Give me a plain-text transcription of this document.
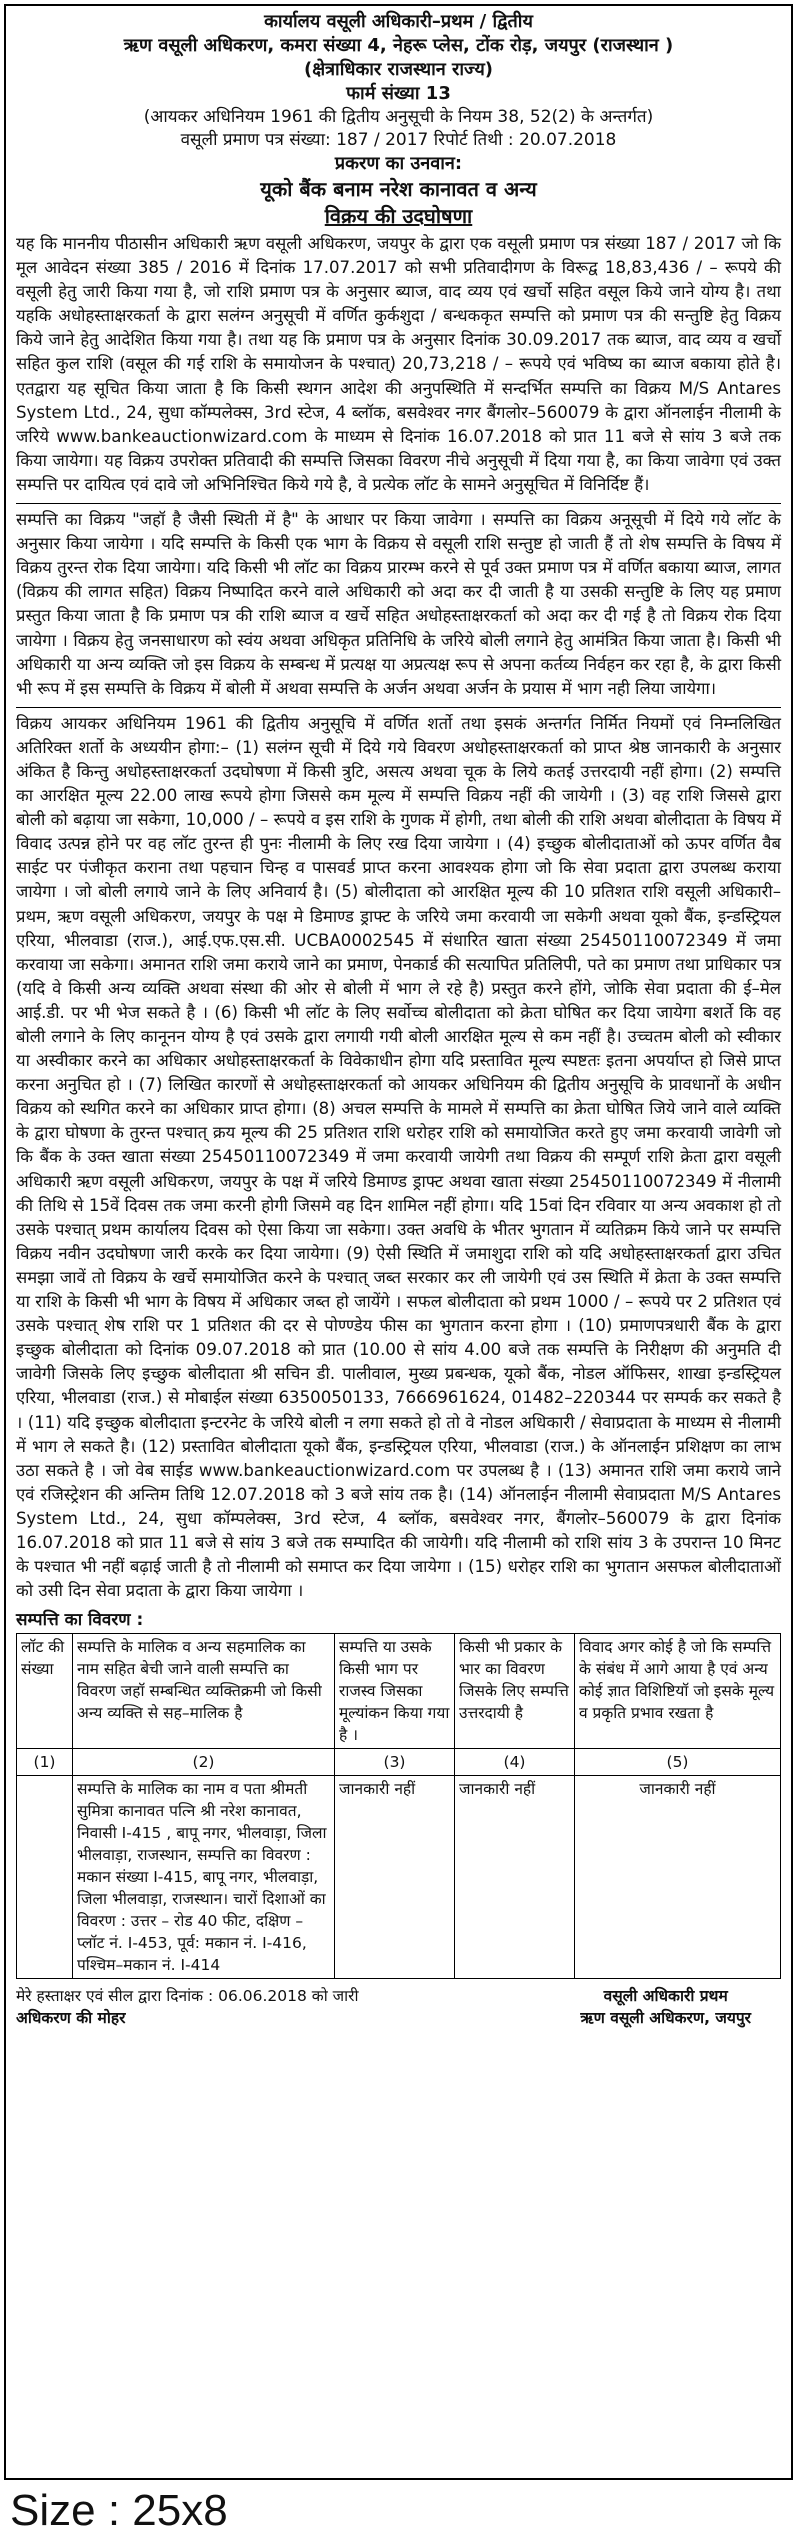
कार्यालय वसूली अधिकारी–प्रथम / द्वितीय
ऋण वसूली अधिकरण, कमरा संख्या 4, नेहरू प्लेस, टोंक रोड़, जयपुर (राजस्थान )
(क्षेत्राधिकार राजस्थान राज्य)
फार्म संख्या 13
(आयकर अधिनियम 1961 की द्वितीय अनुसूची के नियम 38, 52(2) के अन्तर्गत)
वसूली प्रमाण पत्र संख्या: 187 / 2017 रिपोर्ट तिथी : 20.07.2018
प्रकरण का उनवान:
यूको बैंक बनाम नरेश कानावत व अन्य
विक्रय की उदघोषणा

यह कि माननीय पीठासीन अधिकारी ऋण वसूली अधिकरण, जयपुर के द्वारा एक वसूली प्रमाण पत्र संख्या 187 / 2017 जो कि मूल आवेदन संख्या 385 / 2016 में दिनांक 17.07.2017 को सभी प्रतिवादीगण के विरूद्व 18,83,436 / – रूपये की वसूली हेतु जारी किया गया है, जो राशि प्रमाण पत्र के अनुसार ब्याज, वाद व्यय एवं खर्चो सहित वसूल किये जाने योग्य है। तथा यहकि अधोहस्ताक्षरकर्ता के द्वारा सलंग्न अनुसूची में वर्णित कुर्कशुदा / बन्धककृत सम्पत्ति को प्रमाण पत्र की सन्तुष्टि हेतु विक्रय किये जाने हेतु आदेशित किया गया है। तथा यह कि प्रमाण पत्र के अनुसार दिनांक 30.09.2017 तक ब्याज, वाद व्यय व खर्चो सहित कुल राशि (वसूल की गई राशि के समायोजन के पश्चात्) 20,73,218 / – रूपये एवं भविष्य का ब्याज बकाया होते है। एतद्वारा यह सूचित किया जाता है कि किसी स्थगन आदेश की अनुपस्थिति में सन्दर्भित सम्पत्ति का विक्रय M/S Antares System Ltd., 24, सुधा कॉम्पलेक्स, 3rd स्टेज, 4 ब्लॉक, बसवेश्वर नगर बैंगलोर–560079 के द्वारा ऑनलाईन नीलामी के जरिये www.bankeauctionwizard.com के माध्यम से दिनांक 16.07.2018 को प्रात 11 बजे से सांय 3 बजे तक किया जायेगा। यह विक्रय उपरोक्त प्रतिवादी की सम्पत्ति जिसका विवरण नीचे अनुसूची में दिया गया है, का किया जावेगा एवं उक्त सम्पत्ति पर दायित्व एवं दावे जो अभिनिश्चित किये गये है, वे प्रत्येक लॉट के सामने अनुसूचित में विनिर्दिष्ट हैं।

सम्पत्ति का विक्रय "जहॉ है जैसी स्थिती में है" के आधार पर किया जावेगा । सम्पत्ति का विक्रय अनूसूची में दिये गये लॉट के अनुसार किया जायेगा । यदि सम्पत्ति के किसी एक भाग के विक्रय से वसूली राशि सन्तुष्ट हो जाती हैं तो शेष सम्पत्ति के विषय में विक्रय तुरन्त रोक दिया जायेगा। यदि किसी भी लॉट का विक्रय प्रारम्भ करने से पूर्व उक्त प्रमाण पत्र में वर्णित बकाया ब्याज, लागत (विक्रय की लागत सहित) विक्रय निष्पादित करने वाले अधिकारी को अदा कर दी जाती है या उसकी सन्तुष्टि के लिए यह प्रमाण प्रस्तुत किया जाता है कि प्रमाण पत्र की राशि ब्याज व खर्चे सहित अधोहस्ताक्षरकर्ता को अदा कर दी गई है तो विक्रय रोक दिया जायेगा । विक्रय हेतु जनसाधारण को स्वंय अथवा अधिकृत प्रतिनिधि के जरिये बोली लगाने हेतु आमंत्रित किया जाता है। किसी भी अधिकारी या अन्य व्यक्ति जो इस विक्रय के सम्बन्ध में प्रत्यक्ष या अप्रत्यक्ष रूप से अपना कर्तव्य निर्वहन कर रहा है, के द्वारा किसी भी रूप में इस सम्पत्ति के विक्रय में बोली में अथवा सम्पत्ति के अर्जन अथवा अर्जन के प्रयास में भाग नही लिया जायेगा।

विक्रय आयकर अधिनियम 1961 की द्वितीय अनुसूचि में वर्णित शर्तो तथा इसकं अन्तर्गत निर्मित नियमों एवं निम्नलिखित अतिरिक्त शर्तो के अध्ययीन होगा:– (1) सलंग्न सूची में दिये गये विवरण अधोहस्ताक्षरकर्ता को प्राप्त श्रेष्ठ जानकारी के अनुसार अंकित है किन्तु अधोहस्ताक्षरकर्ता उदघोषणा में किसी त्रुटि, असत्य अथवा चूक के लिये कतई उत्तरदायी नहीं होगा। (2) सम्पत्ति का आरक्षित मूल्य 22.00 लाख रूपये होगा जिससे कम मूल्य में सम्पत्ति विक्रय नहीं की जायेगी । (3) वह राशि जिससे द्वारा बोली को बढ़ाया जा सकेगा, 10,000 / – रूपये व इस राशि के गुणक में होगी, तथा बोली की राशि अथवा बोलीदाता के विषय में विवाद उत्पन्न होने पर वह लॉट तुरन्त ही पुनः नीलामी के लिए रख दिया जायेगा । (4) इच्छुक बोलीदाताओं को ऊपर वर्णित वैब साईट पर पंजीकृत कराना तथा पहचान चिन्ह व पासवर्ड प्राप्त करना आवश्यक होगा जो कि सेवा प्रदाता द्वारा उपलब्ध कराया जायेगा । जो बोली लगाये जाने के लिए अनिवार्य है। (5) बोलीदाता को आरक्षित मूल्य की 10 प्रतिशत राशि वसूली अधिकारी–प्रथम, ऋण वसूली अधिकरण, जयपुर के पक्ष मे डिमाण्ड ड्राफ्ट के जरिये जमा करवायी जा सकेगी अथवा यूको बैंक, इन्डस्ट्रियल एरिया, भीलवाडा (राज.), आई.एफ.एस.सी. UCBA0002545 में संधारित खाता संख्या 25450110072349 में जमा करवाया जा सकेगा। अमानत राशि जमा कराये जाने का प्रमाण, पेनकार्ड की सत्यापित प्रतिलिपी, पते का प्रमाण तथा प्राधिकार पत्र (यदि वे किसी अन्य व्यक्ति अथवा संस्था की ओर से बोली में भाग ले रहे है) प्रस्तुत करने होंगे, जोकि सेवा प्रदाता की ई–मेल आई.डी. पर भी भेज सकते है । (6) किसी भी लॉट के लिए सर्वोच्च बोलीदाता को क्रेता घोषित कर दिया जायेगा बशर्ते कि वह बोली लगाने के लिए कानूनन योग्य है एवं उसके द्वारा लगायी गयी बोली आरक्षित मूल्य से कम नहीं है। उच्चतम बोली को स्वीकार या अस्वीकार करने का अधिकार अधोहस्ताक्षरकर्ता के विवेकाधीन होगा यदि प्रस्तावित मूल्य स्पष्टतः इतना अपर्याप्त हो जिसे प्राप्त करना अनुचित हो । (7) लिखित कारणों से अधोहस्ताक्षरकर्ता को आयकर अधिनियम की द्वितीय अनुसूचि के प्रावधानों के अधीन विक्रय को स्थगित करने का अधिकार प्राप्त होगा। (8) अचल सम्पत्ति के मामले में सम्पत्ति का क्रेता घोषित जिये जाने वाले व्यक्ति के द्वारा घोषणा के तुरन्त पश्चात् क्रय मूल्य की 25 प्रतिशत राशि धरोहर राशि को समायोजित करते हुए जमा करवायी जावेगी जो कि बैंक के उक्त खाता संख्या 25450110072349 में जमा करवायी जायेगी तथा विक्रय की सम्पूर्ण राशि क्रेता द्वारा वसूली अधिकारी ऋण वसूली अधिकरण, जयपुर के पक्ष में जरिये डिमाण्ड ड्राफ्ट अथवा खाता संख्या 25450110072349 में नीलामी की तिथि से 15वें दिवस तक जमा करनी होगी जिसमे वह दिन शामिल नहीं होगा। यदि 15वां दिन रविवार या अन्य अवकाश हो तो उसके पश्चात् प्रथम कार्यालय दिवस को ऐसा किया जा सकेगा। उक्त अवधि के भीतर भुगतान में व्यतिक्रम किये जाने पर सम्पत्ति विक्रय नवीन उदघोषणा जारी करके कर दिया जायेगा। (9) ऐसी स्थिति में जमाशुदा राशि को यदि अधोहस्ताक्षरकर्ता द्वारा उचित समझा जावें तो विक्रय के खर्चे समायोजित करने के पश्चात् जब्त सरकार कर ली जायेगी एवं उस स्थिति में क्रेता के उक्त सम्पत्ति या राशि के किसी भी भाग के विषय में अधिकार जब्त हो जायेंगे । सफल बोलीदाता को प्रथम 1000 / – रूपये पर 2 प्रतिशत एवं उसके पश्चात् शेष राशि पर 1 प्रतिशत की दर से पोण्ण्डेय फीस का भुगतान करना होगा । (10) प्रमाणपत्रधारी बैंक के द्वारा इच्छुक बोलीदाता को दिनांक 09.07.2018 को प्रात (10.00 से सांय 4.00 बजे तक सम्पत्ति के निरीक्षण की अनुमति दी जावेगी जिसके लिए इच्छुक बोलीदाता श्री सचिन डी. पालीवाल, मुख्य प्रबन्धक, यूको बैंक, नोडल ऑफिसर, शाखा इन्डस्ट्रियल एरिया, भीलवाडा (राज.) से मोबाईल संख्या 6350050133, 7666961624, 01482–220344 पर सम्पर्क कर सकते है । (11) यदि इच्छुक बोलीदाता इन्टरनेट के जरिये बोली न लगा सकते हो तो वे नोडल अधिकारी / सेवाप्रदाता के माध्यम से नीलामी में भाग ले सकते है। (12) प्रस्तावित बोलीदाता यूको बैंक, इन्डस्ट्रियल एरिया, भीलवाडा (राज.) के ऑनलाईन प्रशिक्षण का लाभ उठा सकते है । जो वेब साईड www.bankeauctionwizard.com पर उपलब्ध है । (13) अमानत राशि जमा कराये जाने एवं रजिस्ट्रेशन की अन्तिम तिथि 12.07.2018 को 3 बजे सांय तक है। (14) ऑनलाईन नीलामी सेवाप्रदाता M/S Antares System Ltd., 24, सुधा कॉम्पलेक्स, 3rd स्टेज, 4 ब्लॉक, बसवेश्वर नगर, बैंगलोर–560079 के द्वारा दिनांक 16.07.2018 को प्रात 11 बजे से सांय 3 बजे तक सम्पादित की जायेगी। यदि नीलामी को राशि सांय 3 के उपरान्त 10 मिनट के पश्चात भी नहीं बढ़ाई जाती है तो नीलामी को समाप्त कर दिया जायेगा । (15) धरोहर राशि का भुगतान असफल बोलीदाताओं को उसी दिन सेवा प्रदाता के द्वारा किया जायेगा ।

सम्पत्ति का विवरण :
लॉट की संख्या	सम्पत्ति के मालिक व अन्य सहमालिक का नाम सहित बेची जाने वाली सम्पत्ति का विवरण जहॉ सम्बन्धित व्यक्तिक्रमी जो किसी अन्य व्यक्ति से सह–मालिक है	सम्पत्ति या उसके किसी भाग पर राजस्व जिसका मूल्यांकन किया गया है ।	किसी भी प्रकार के भार का विवरण जिसके लिए सम्पत्ति उत्तरदायी है	विवाद अगर कोई है जो कि सम्पत्ति के संबंध में आगे आया है एवं अन्य कोई ज्ञात विशिष्टियॉ जो इसके मूल्य व प्रकृति प्रभाव रखता है
(1)	(2)	(3)	(4)	(5)
	सम्पत्ति के मालिक का नाम व पता श्रीमती सुमित्रा कानावत पत्नि श्री नरेश कानावत, निवासी I-415 , बापू नगर, भीलवाड़ा, जिला भीलवाड़ा, राजस्थान, सम्पत्ति का विवरण : मकान संख्या I-415, बापू नगर, भीलवाड़ा, जिला भीलवाड़ा, राजस्थान। चारों दिशाओं का विवरण : उत्तर – रोड 40 फीट, दक्षिण – प्लॉट नं. I-453, पूर्व: मकान नं. I-416, पश्चिम–मकान नं. I-414	जानकारी नहीं	जानकारी नहीं	जानकारी नहीं
मेरे हस्ताक्षर एवं सील द्वारा दिनांक : 06.06.2018 को जारी
अधिकरण की मोहर
वसूली अधिकारी प्रथम
ऋण वसूली अधिकरण, जयपुर
Size : 25x8
